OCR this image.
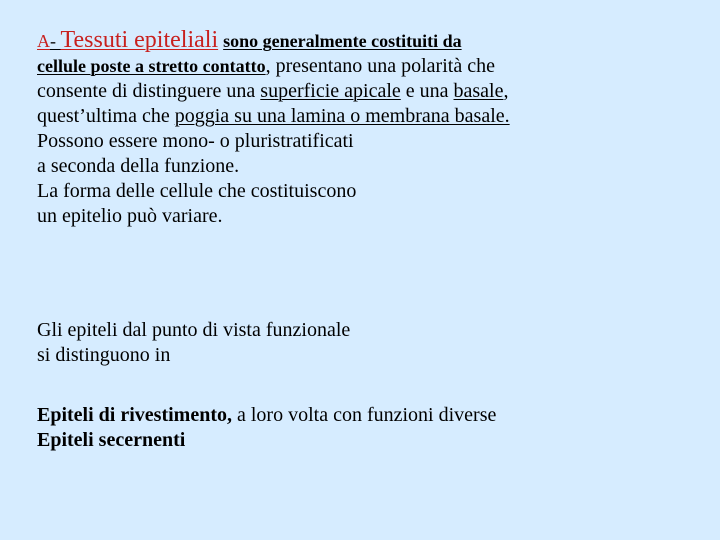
A- Tessuti epiteliali sono generalmente costituiti da
cellule poste a stretto contatto, presentano una polarità che
consente di distinguere una superficie apicale e una basale,
quest’ultima che poggia su una lamina o membrana basale.
Possono essere mono- o pluristratificati
a seconda della funzione.
La forma delle cellule che costituiscono
un epitelio può variare.
Gli epiteli dal punto di vista funzionale
si distinguono in
Epiteli di rivestimento, a loro volta con funzioni diverse
Epiteli secernenti
